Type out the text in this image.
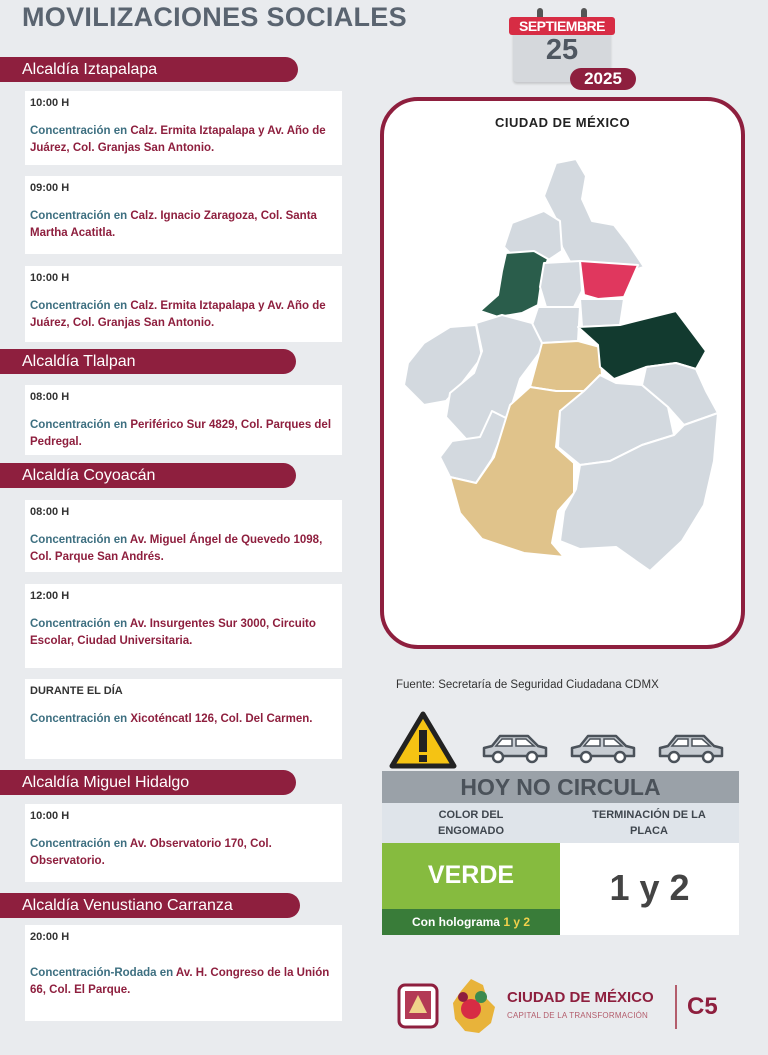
MOVILIZACIONES SOCIALES	SEPTIEMBRE
25
2025
Alcaldía Iztapalapa
Alcaldía Tlalpan
Alcaldía Coyoacán
Alcaldía Miguel Hidalgo
Alcaldía Venustiano Carranza
10:00 H
Concentración en Calz. Ermita Iztapalapa y Av. Año de Juárez, Col. Granjas San Antonio.
09:00 H
Concentración en Calz. Ignacio Zaragoza, Col. Santa Martha Acatitla.
10:00 H
Concentración en Calz. Ermita Iztapalapa y Av. Año de Juárez, Col. Granjas San Antonio.
08:00 H
Concentración en Periférico Sur 4829, Col. Parques del Pedregal.
08:00 H
Concentración en Av. Miguel Ángel de Quevedo 1098, Col. Parque San Andrés.
12:00 H
Concentración en Av. Insurgentes Sur 3000, Circuito Escolar, Ciudad Universitaria.
DURANTE EL DÍA
Concentración en Xicoténcatl 126, Col. Del Carmen.
10:00 H
Concentración en Av. Observatorio 170, Col. Observatorio.
20:00 H
Concentración-Rodada en Av. H. Congreso de la Unión 66, Col. El Parque.
CIUDAD DE MÉXICO
Fuente: Secretaría de Seguridad Ciudadana CDMX
HOY NO CIRCULA
COLOR DEL ENGOMADO
TERMINACIÓN DE LA PLACA
VERDE
Con holograma 1 y 2
1 y 2
CIUDAD DE MÉXICO
CAPITAL DE LA TRANSFORMACIÓN C5
